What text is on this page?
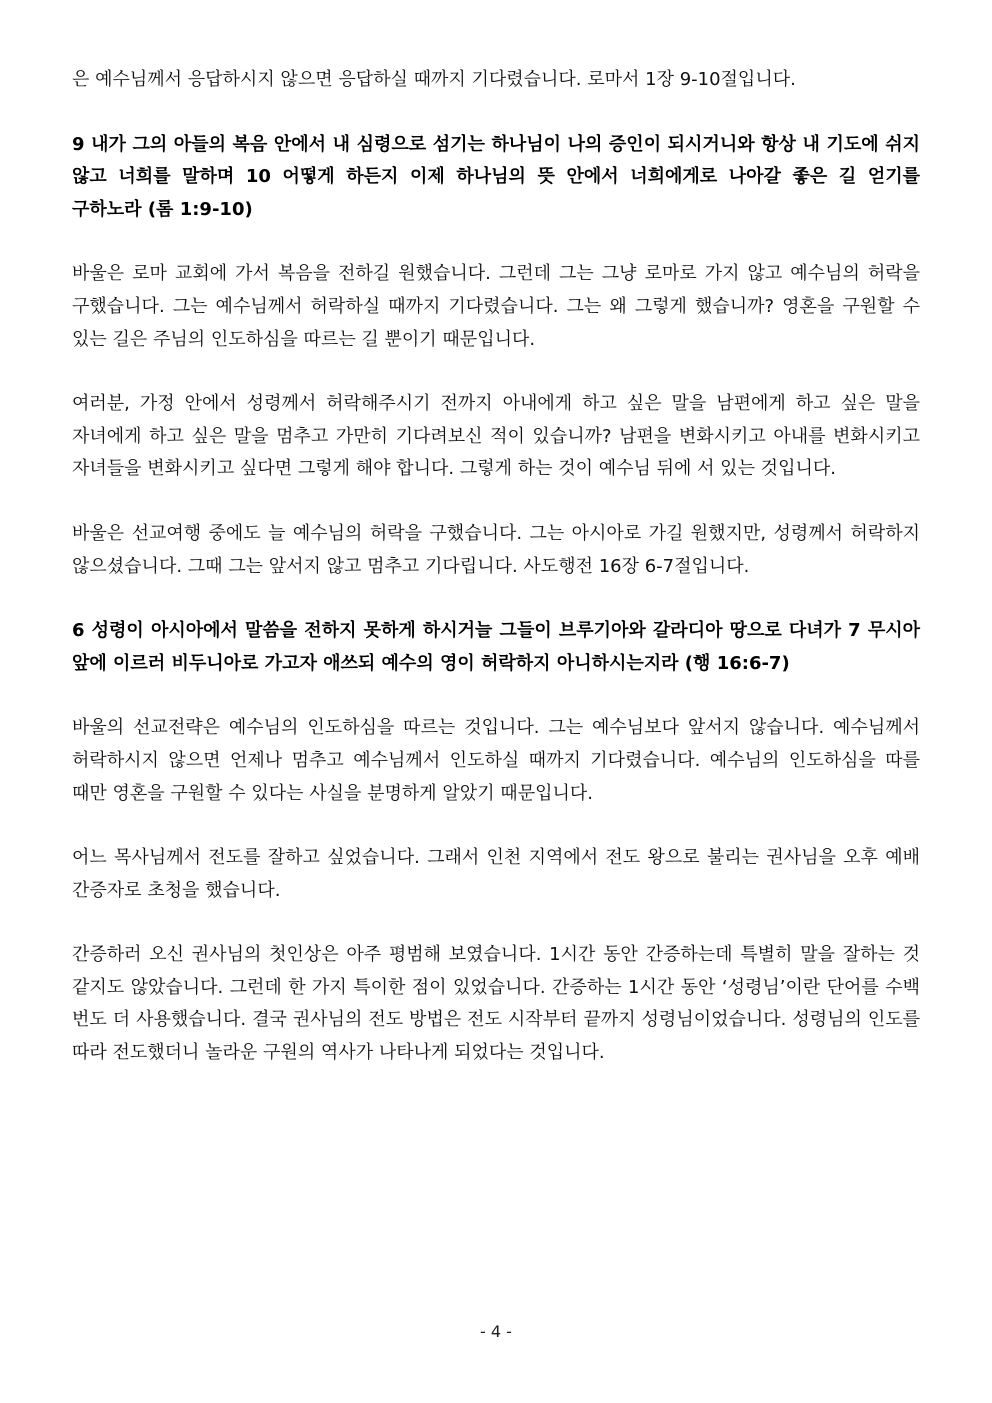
은 예수님께서 응답하시지 않으면 응답하실 때까지 기다렸습니다. 로마서 1장 9-10절입니다.

9 내가 그의 아들의 복음 안에서 내 심령으로 섬기는 하나님이 나의 증인이 되시거니와 항상 내 기도에 쉬지 않고 너희를 말하며 10 어떻게 하든지 이제 하나님의 뜻 안에서 너희에게로 나아갈 좋은 길 얻기를 구하노라 (롬 1:9-10)

바울은 로마 교회에 가서 복음을 전하길 원했습니다. 그런데 그는 그냥 로마로 가지 않고 예수님의 허락을 구했습니다. 그는 예수님께서 허락하실 때까지 기다렸습니다. 그는 왜 그렇게 했습니까? 영혼을 구원할 수 있는 길은 주님의 인도하심을 따르는 길 뿐이기 때문입니다.

여러분, 가정 안에서 성령께서 허락해주시기 전까지 아내에게 하고 싶은 말을 남편에게 하고 싶은 말을 자녀에게 하고 싶은 말을 멈추고 가만히 기다려보신 적이 있습니까? 남편을 변화시키고 아내를 변화시키고 자녀들을 변화시키고 싶다면 그렇게 해야 합니다. 그렇게 하는 것이 예수님 뒤에 서 있는 것입니다.

바울은 선교여행 중에도 늘 예수님의 허락을 구했습니다. 그는 아시아로 가길 원했지만, 성령께서 허락하지 않으셨습니다. 그때 그는 앞서지 않고 멈추고 기다립니다. 사도행전 16장 6-7절입니다.

6 성령이 아시아에서 말씀을 전하지 못하게 하시거늘 그들이 브루기아와 갈라디아 땅으로 다녀가 7 무시아 앞에 이르러 비두니아로 가고자 애쓰되 예수의 영이 허락하지 아니하시는지라 (행 16:6-7)

바울의 선교전략은 예수님의 인도하심을 따르는 것입니다. 그는 예수님보다 앞서지 않습니다. 예수님께서 허락하시지 않으면 언제나 멈추고 예수님께서 인도하실 때까지 기다렸습니다. 예수님의 인도하심을 따를 때만 영혼을 구원할 수 있다는 사실을 분명하게 알았기 때문입니다.

어느 목사님께서 전도를 잘하고 싶었습니다. 그래서 인천 지역에서 전도 왕으로 불리는 권사님을 오후 예배 간증자로 초청을 했습니다.

간증하러 오신 권사님의 첫인상은 아주 평범해 보였습니다. 1시간 동안 간증하는데 특별히 말을 잘하는 것 같지도 않았습니다. 그런데 한 가지 특이한 점이 있었습니다. 간증하는 1시간 동안 ‘성령님’이란 단어를 수백 번도 더 사용했습니다. 결국 권사님의 전도 방법은 전도 시작부터 끝까지 성령님이었습니다. 성령님의 인도를 따라 전도했더니 놀라운 구원의 역사가 나타나게 되었다는 것입니다.

- 4 -
